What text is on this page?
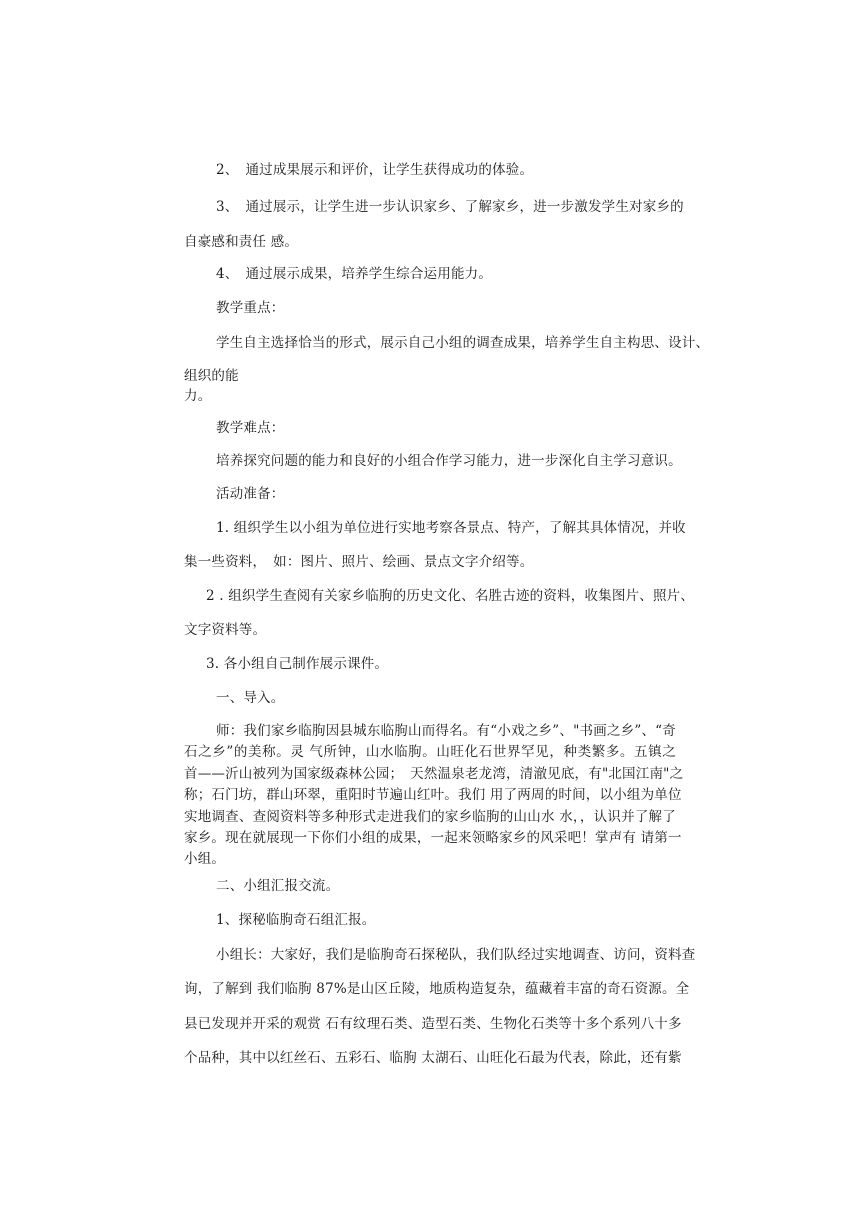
2、　通过成果展示和评价，让学生获得成功的体验。
3、　通过展示，让学生进一步认识家乡、了解家乡，进一步激发学生对家乡的
自豪感和责任 感。
4、　通过展示成果，培养学生综合运用能力。
教学重点：
学生自主选择恰当的形式，展示自己小组的调查成果，培养学生自主构思、设计、
组织的能
力。
教学难点：
培养探究问题的能力和良好的小组合作学习能力，进一步深化自主学习意识。
活动准备：
1. 组织学生以小组为单位进行实地考察各景点、特产，了解其具体情况，并收
集一些资料，　如：图片、照片、绘画、景点文字介绍等。
2 . 组织学生查阅有关家乡临朐的历史文化、名胜古迹的资料，收集图片、照片、
文字资料等。
3. 各小组自己制作展示课件。
一、导入。
师：我们家乡临朐因县城东临朐山而得名。有“小戏之乡”、"书画之乡”、“奇
石之乡”的美称。灵 气所钟，山水临朐。山旺化石世界罕见，种类繁多。五镇之
首——沂山被列为国家级森林公园；　天然温泉老龙湾，清澈见底，有"北国江南"之
称；石门坊，群山环翠，重阳时节遍山红叶。我们 用了两周的时间，以小组为单位
实地调查、查阅资料等多种形式走进我们的家乡临朐的山山水 水，，认识并了解了
家乡。现在就展现一下你们小组的成果，一起来领略家乡的风采吧！掌声有 请第一
小组。
二、小组汇报交流。
1、探秘临朐奇石组汇报。
小组长：大家好，我们是临朐奇石探秘队，我们队经过实地调查、访问，资料查
询，了解到 我们临朐 87%是山区丘陵，地质构造复杂，蕴藏着丰富的奇石资源。全
县已发现并开采的观赏 石有纹理石类、造型石类、生物化石类等十多个系列八十多
个品种，其中以红丝石、五彩石、临朐 太湖石、山旺化石最为代表，除此，还有紫
